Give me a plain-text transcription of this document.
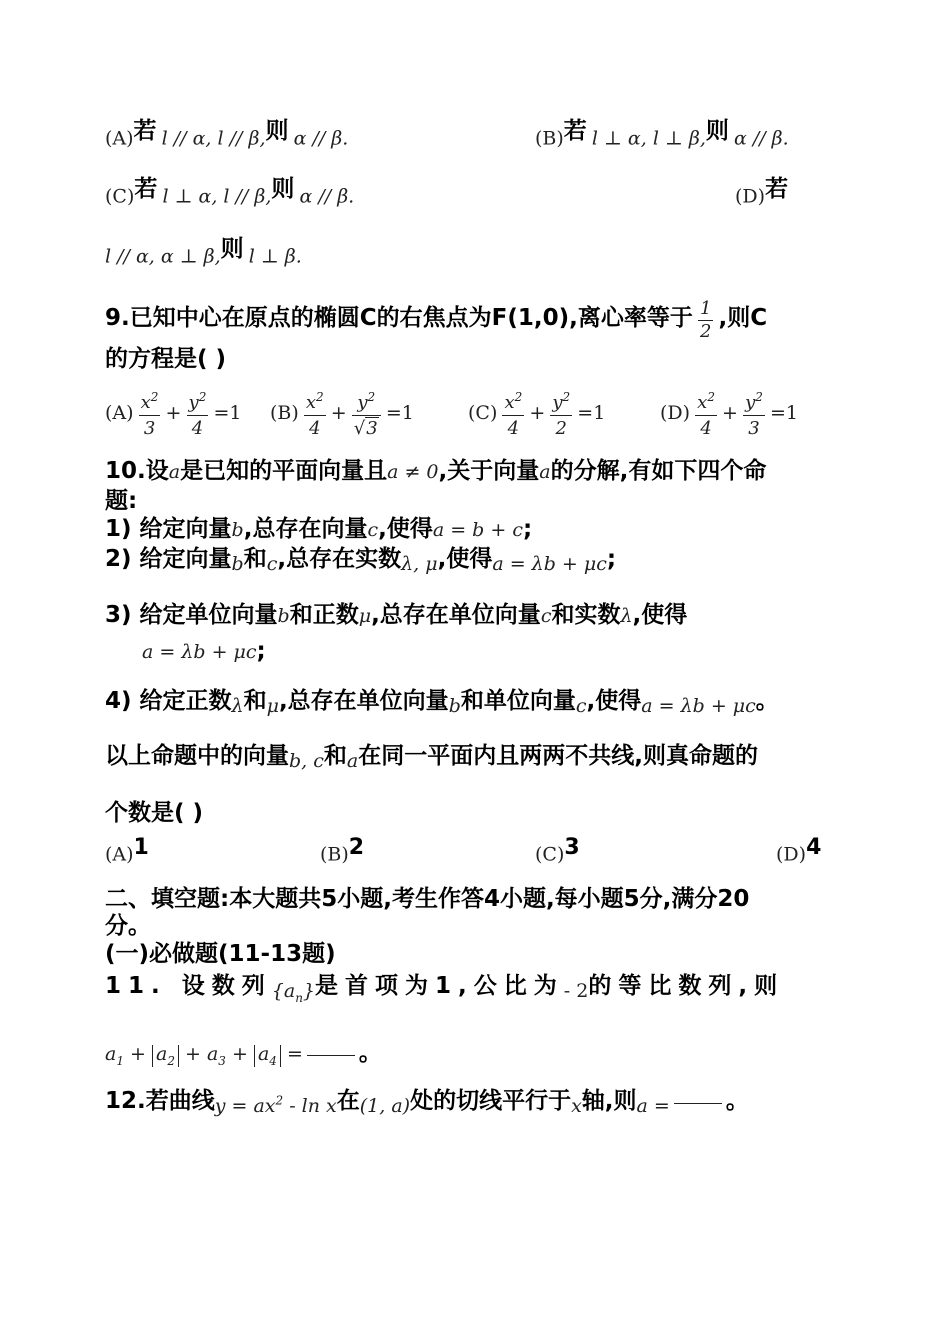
(A)若 l // α, l // β,则 α // β.	(B)若 l ⊥ α, l ⊥ β,则 α // β.
(C)若 l ⊥ α, l // β,则 α // β.	(D)若
l // α, α ⊥ β,则 l ⊥ β.
9.已知中心在原点的椭圆C的右焦点为F(1,0),离心率等于 $\frac{1}{2}$ ,则C
的方程是( )
$(A) \frac{x^2}{3} + \frac{y^2}{4} =1$ $(B) \frac{x^2}{4} + \frac{y^2}{√3} =1$	$(C) \frac{x^2}{4} + \frac{y^2}{2} =1$	$(D) \frac{x^2}{4} + \frac{y^2}{3} =1$
10.设a是已知的平面向量且a ≠ 0,关于向量a的分解,有如下四个命
题:
1) 给定向量b,总存在向量c,使得a = b + c;
2) 给定向量b和c,总存在实数λ, μ,使得a = λb + μc;
3) 给定单位向量b和正数μ,总存在单位向量c和实数λ,使得
a = λb + μc;
4) 给定正数λ和μ,总存在单位向量b和单位向量c,使得a = λb + μc。
以上命题中的向量b, c和a在同一平面内且两两不共线,则真命题的
个数是( )
(A)1	(B)2	(C)3	(D)4
二、填空题:本大题共5小题,考生作答4小题,每小题5分,满分20
分。
(一)必做题(11-13题)
11. 设数列$\{a_n\}$是首项为1,公比为- 2的等比数列,则
$a_1 + a_2 + a_3 + a_4$ = 。
12.若曲线$y = ax^2 - \ln x$在(1, a)处的切线平行于x轴,则a = 。
